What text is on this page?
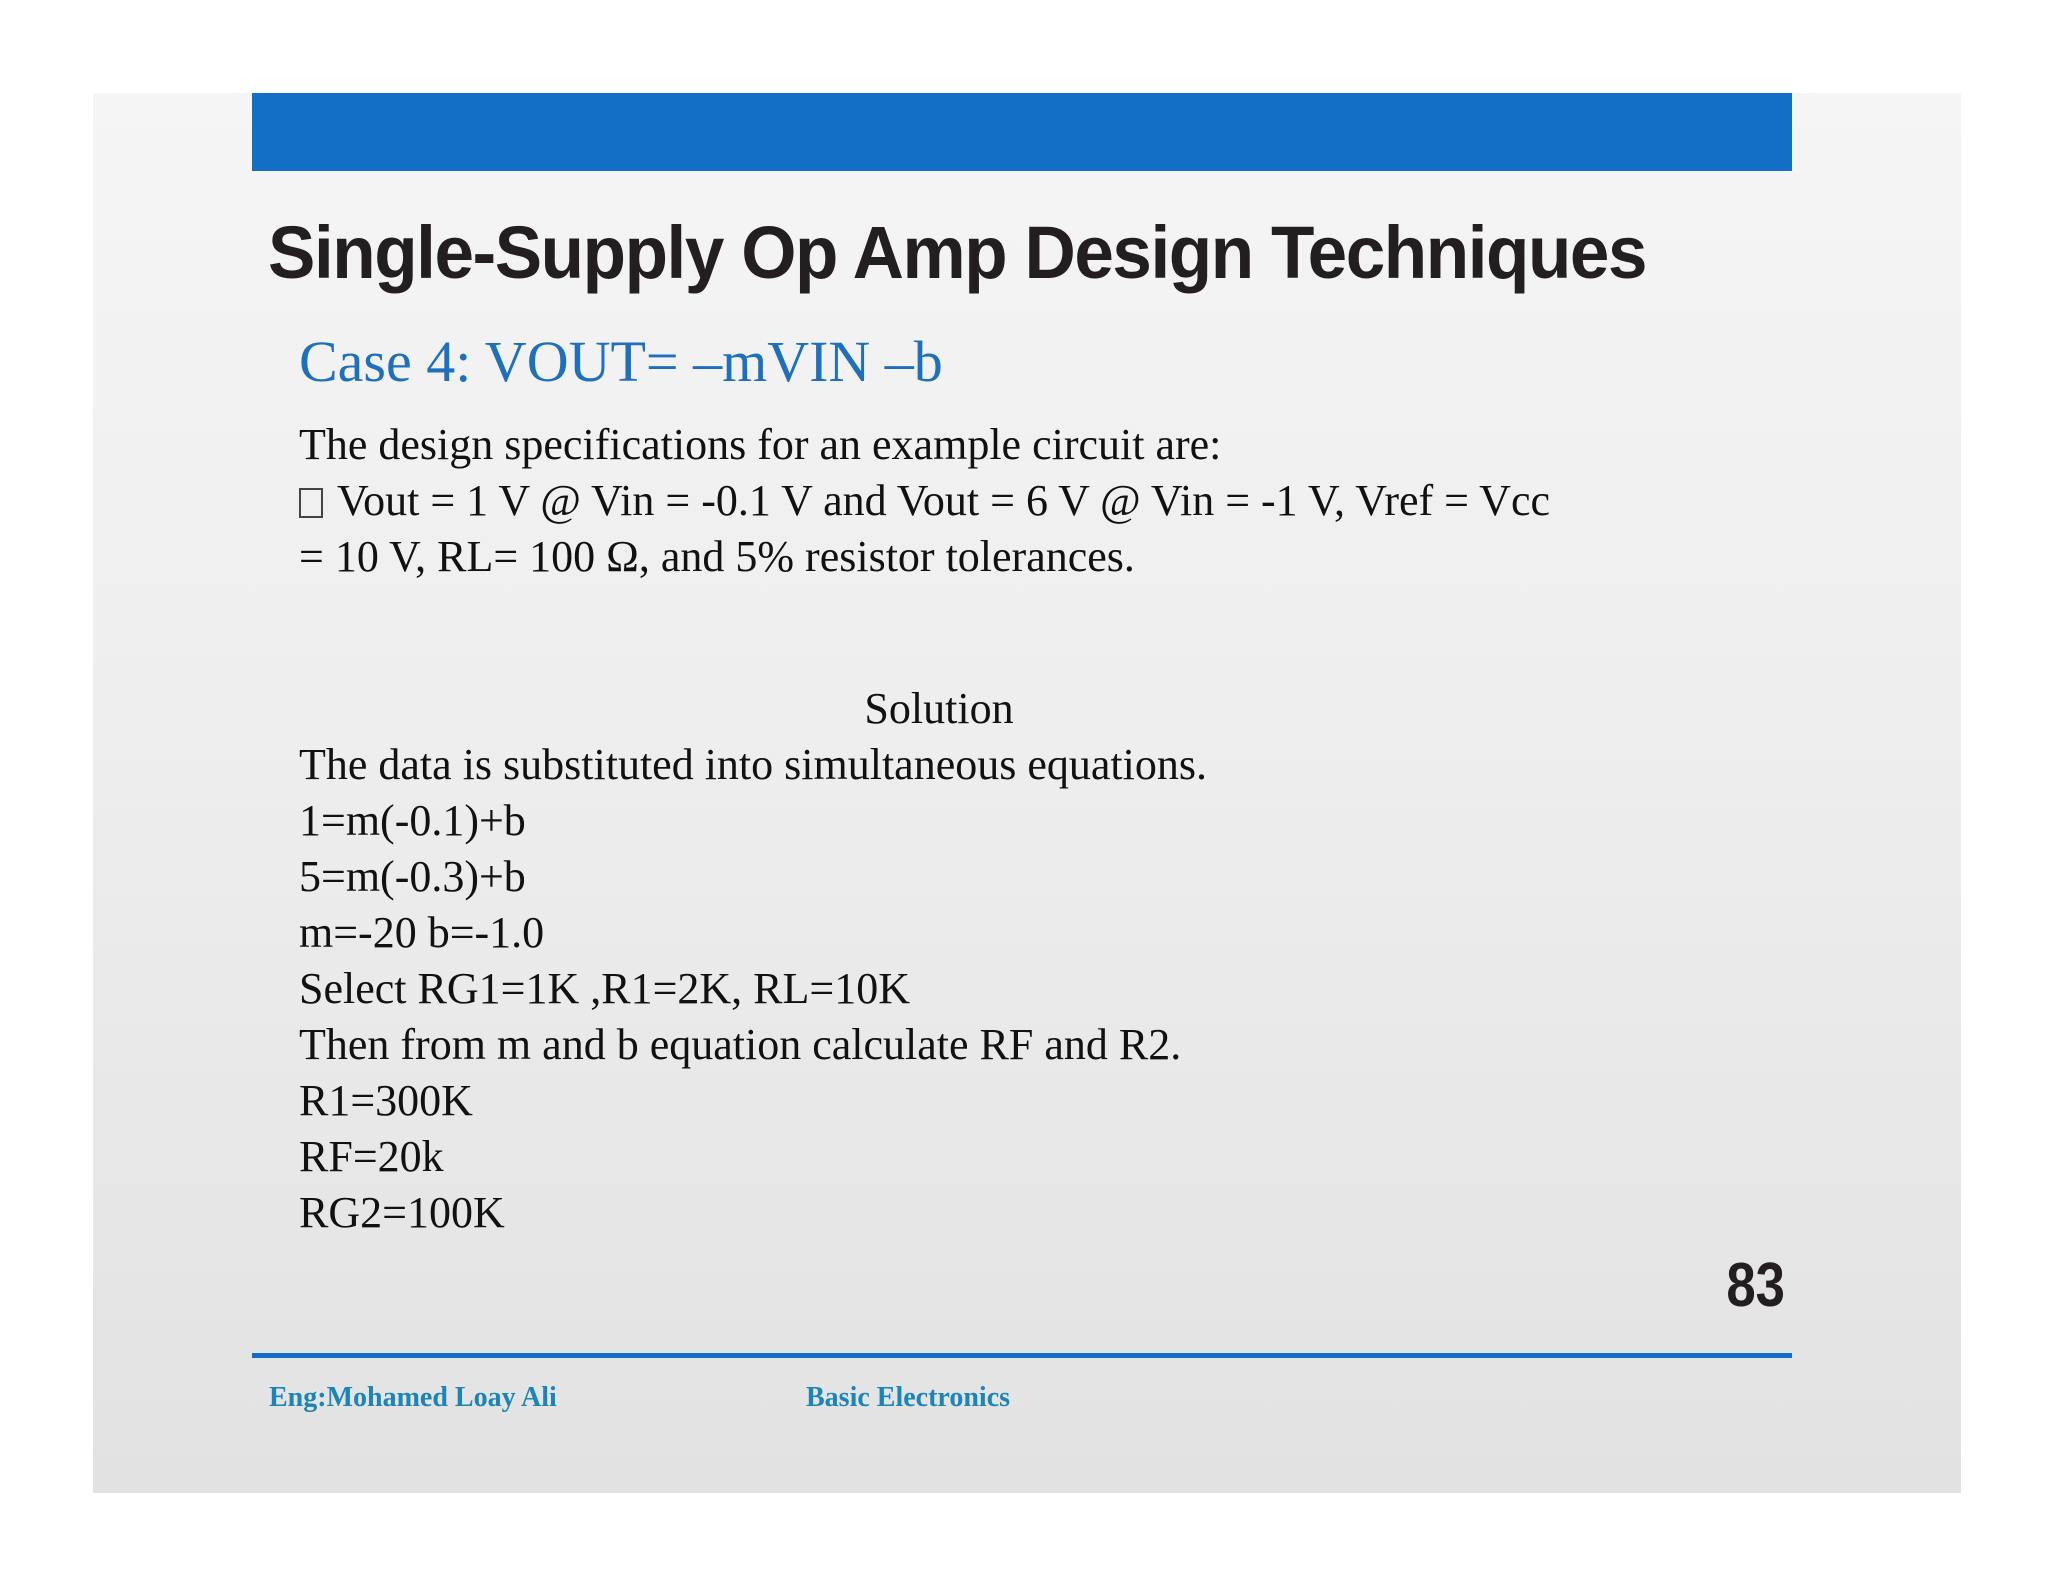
Single-Supply Op Amp Design Techniques
Case 4: VOUT= –mVIN –b
The design specifications for an example circuit are:
Vout = 1 V @ Vin = -0.1 V and Vout = 6 V @ Vin = -1 V, Vref = Vcc
= 10 V, RL= 100 Ω, and 5% resistor tolerances.
Solution
The data is substituted into simultaneous equations.
1=m(-0.1)+b
5=m(-0.3)+b
m=-20 b=-1.0
Select RG1=1K ,R1=2K, RL=10K
Then from m and b equation calculate RF and R2.
R1=300K
RF=20k
RG2=100K
83
Eng:Mohamed Loay Ali	Basic Electronics
